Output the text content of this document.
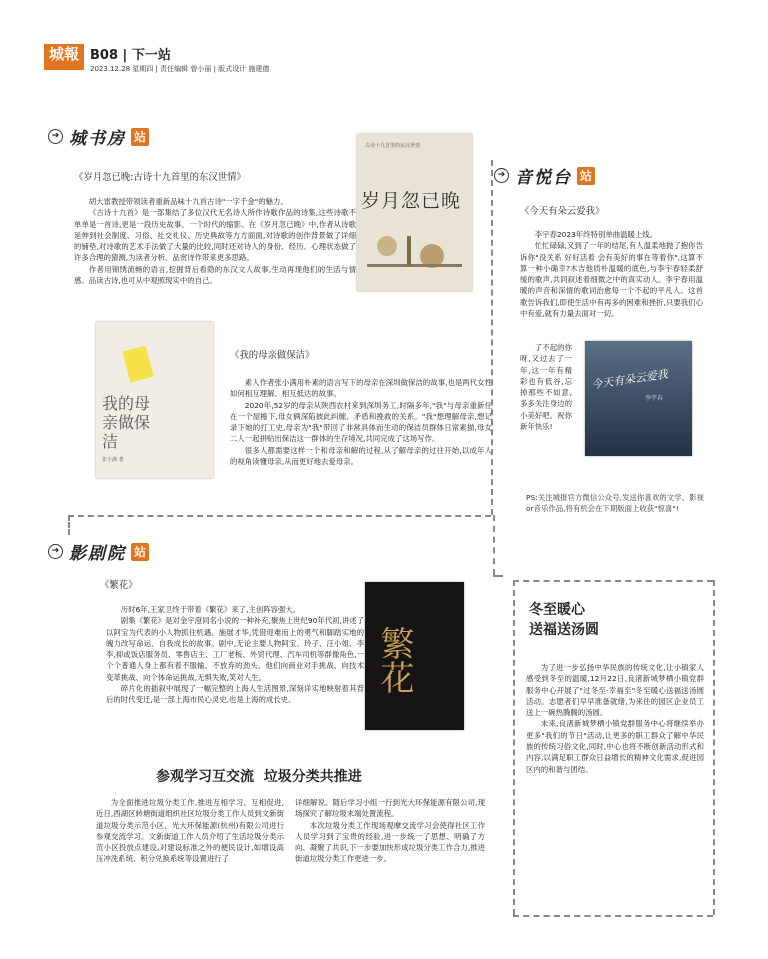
城報
METRO
B08 | 下一站
2023.12.28 星期四 | 责任编辑 曾小丽 | 版式设计 施建德
➔ 城书房 站
《岁月忽已晚:古诗十九首里的东汉世情》

胡大雷教授带领读者重新品味十九首古诗"一字千金"的魅力。

《古诗十九首》是一部集结了多位汉代无名诗人所作诗歌作品的诗集,这些诗歌不单单是一首诗,更是一段历史故事、一个时代的缩影。在《岁月忽已晚》中,作者从诗歌延伸到社会制度、习俗、社交礼仪、历史典故等方方面面,对诗歌的创作背景做了详细的铺垫,对诗歌的艺术手法做了大量的比较,同时还对诗人的身份、经历、心理状态做了许多合理的猜测,为读者分析、品赏诗作带来更多思路。

作者用锦绣流畅的语言,挖掘背后看隐的东汉文人故事,生动再现他们的生活与情感。品读古诗,也可从中观照现实中的自己。

古诗十九首里的东汉世情
岁月忽已晚
我的母亲做保洁
张小满 著
《我的母亲做保洁》

素人作者张小满用朴素的语言写下的母亲在深圳做保洁的故事,也是两代女性如何相互理解、相互抵达的故事。

2020年,52岁的母亲从陕西农村来到深圳务工,时隔多年,"我"与母亲重新住在一个屋檐下,母女俩深陷彼此纠缠、矛盾和挽救的关系。"我"想理解母亲,想记录下她的打工史,母亲为"我"带回了非常具体而生动的保洁员群体日常素描,母女二人一起拼贴出保洁这一群体的生存境况,共同完成了这场写作。

很多人都需要这样一个和母亲和解的过程,从了解母亲的过往开始,以成年人的视角读懂母亲,从而更好地去爱母亲。

➔ 音悦台 站
《今天有朵云爱我》

李宇春2023年终特别单曲温暖上线。

忙忙碌碌,又到了一年的结尾,有人温柔地抛了抱你告诉你"没关系 好好活着 会有美好的事在等着你",这算不算一种小确幸?木吉他质朴温暖的底色,与李宇春轻柔舒缓的歌声,共同叙述着细微之中的真实动人。李宇春用温暖的声音和深情的歌词治愈每一个不起的平凡人。这首歌告诉我们,即使生活中有再多的困难和挫折,只要我们心中有爱,就有力量去面对一切。

了不起的你呀,又过去了一年,这一年有精彩也有低谷,忘掉那些不如意,多多关注身边的小美好吧。祝你新年快乐!
今天有朵云爱我
李宇春
PS:关注城报官方微信公众号,发送你喜欢的文学、影视or音乐作品,将有机会在下期版面上收获"惊喜"!
➔ 影剧院 站
《繁花》

历时6年,王家卫终于带着《繁花》来了,主创阵容强大。

剧集《繁花》是对金宇澄同名小说的一种补充,聚焦上世纪90年代初,讲述了以阿宝为代表的小人物抓住机遇、施展才华,凭借迎难而上的勇气和脚踏实地的魄力改写命运、自我成长的故事。剧中,无论主要人物阿宝、玲子、汪小姐、李李,抑或饭店服务员、零售店主、工厂老板、外贸代理、汽车司机等群像角色,一个个普通人身上都有着不服输、不放弃的劲头。他们向商业对手挑战、向技术变革挑战、向个体命运挑战,无惧失败,笑对人生。

碎片化的插叙中展现了一幅完整的上海人生活图景,深刻详实地映射着其背后的时代变迁,是一部上海市民心灵史,也是上海的成长史。

繁花
冬至暖心
送福送汤圆

为了进一步弘扬中华民族的传统文化,让小镇家人感受到冬至的温暖,12月22日,良渚新城梦栖小镇党群服务中心开展了"过冬至·幸福至"冬至暖心送福送汤圆活动。志愿者们早早准备就绪,为来往的园区企业员工送上一碗热腾腾的汤圆。

未来,良渚新城梦栖小镇党群服务中心将继续举办更多"我们的节日"活动,让更多的职工群众了解中华民族的传统习俗文化,同时,中心也将不断创新活动形式和内容,以满足职工群众日益增长的精神文化需求,促进园区内的和谐与团结。

参观学习互交流  垃圾分类共推进

为全面推进垃圾分类工作,推进互相学习、互相促进,近日,西湖区转塘街道组织社区垃圾分类工作人员到文新街道垃圾分类示范小区、光大环保能源(杭州)有限公司进行参观交流学习。文新街道工作人员介绍了生活垃圾分类示范小区投放点建设,对建设标准之外的便民设计,如增设高压冲洗系统、积分兑换系统等设置进行了

详细解说。随后学习小组一行到光大环保能源有限公司,现场探究了解垃圾末端处置流程。

本次垃圾分类工作现场观摩交流学习会使得社区工作人员学习到了宝贵的经验,进一步统一了思想、明确了方向、凝聚了共识,下一步要加快形成垃圾分类工作合力,推进街道垃圾分类工作更进一步。
